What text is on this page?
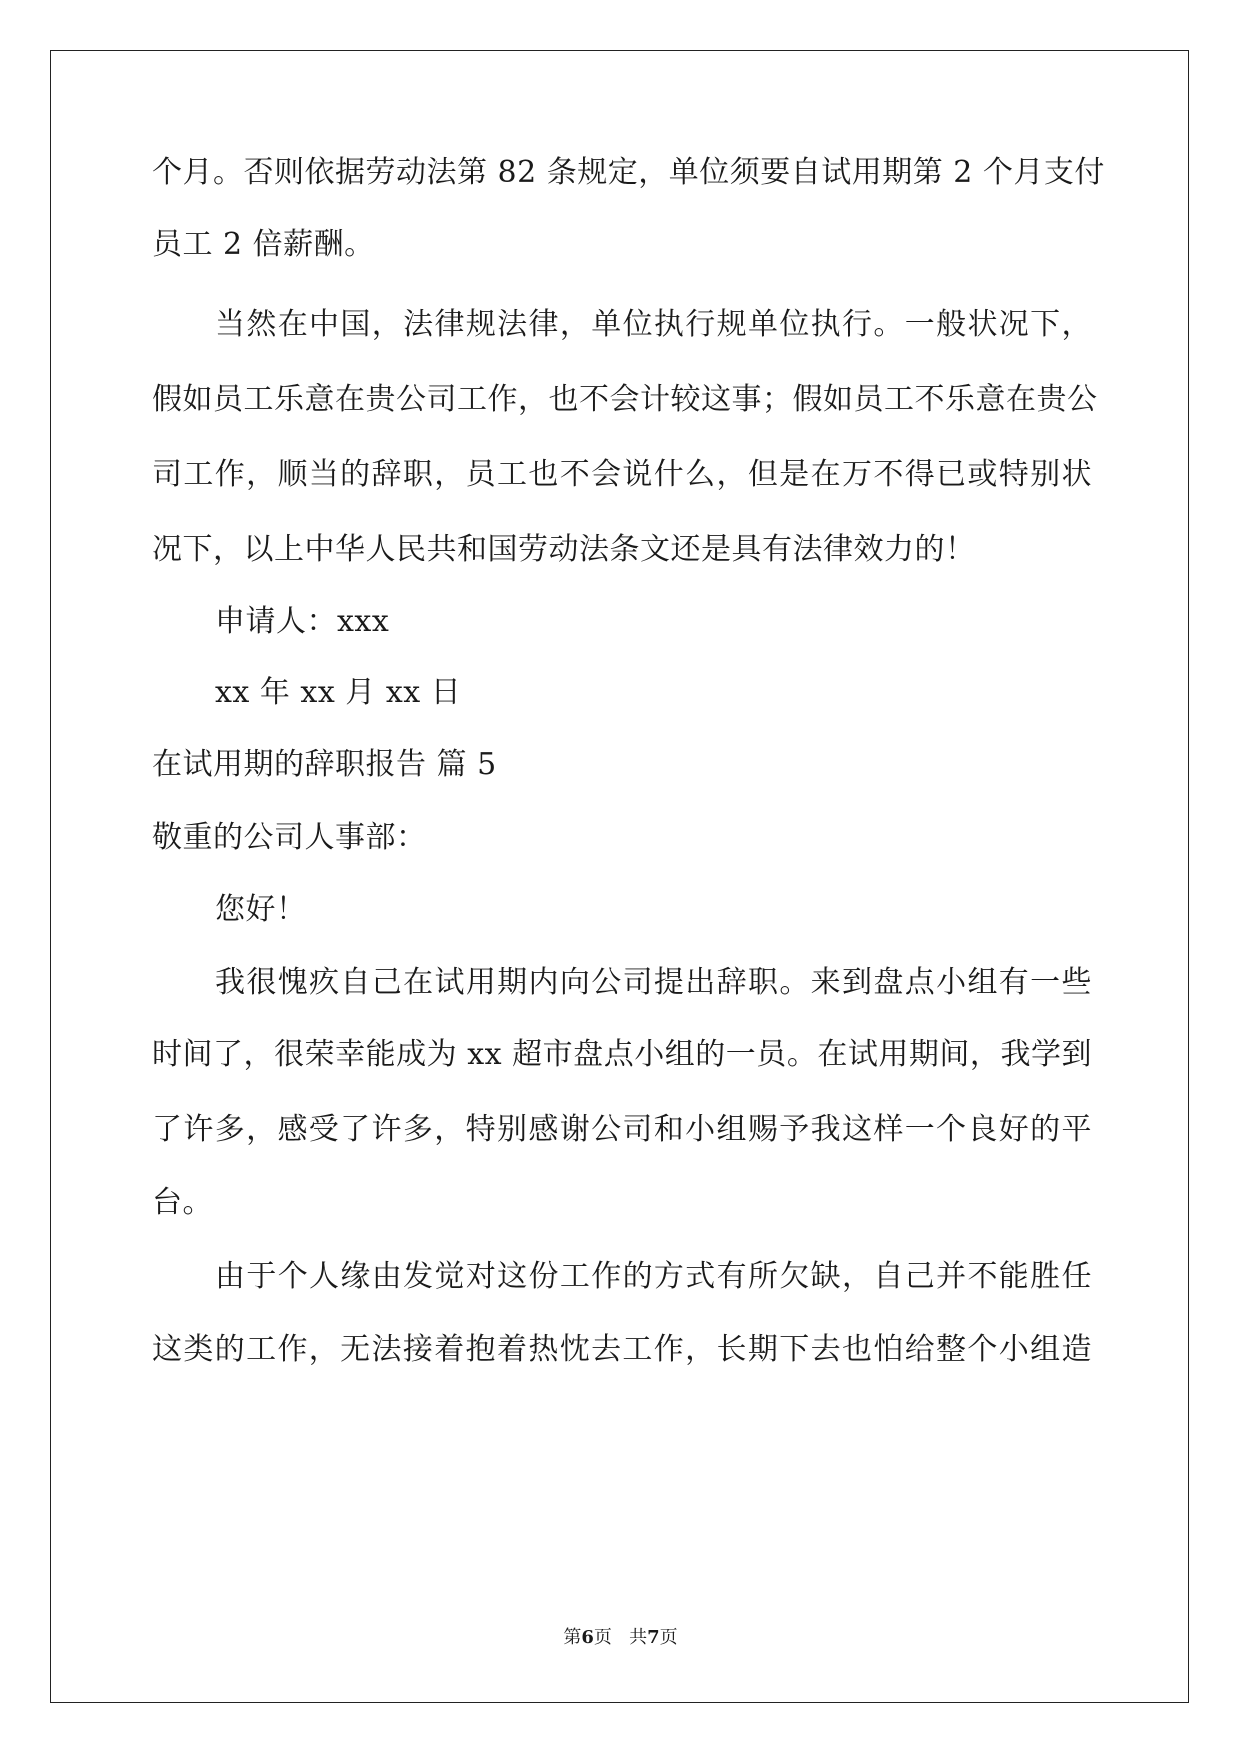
个月。否则依据劳动法第 82 条规定，单位须要自试用期第 2 个月支付
员工 2 倍薪酬。
当然在中国，法律规法律，单位执行规单位执行。一般状况下，
假如员工乐意在贵公司工作，也不会计较这事；假如员工不乐意在贵公
司工作，顺当的辞职，员工也不会说什么，但是在万不得已或特别状
况下，以上中华人民共和国劳动法条文还是具有法律效力的！
申请人：xxx
xx 年 xx 月 xx 日
在试用期的辞职报告 篇 5
敬重的公司人事部：
您好！
我很愧疚自己在试用期内向公司提出辞职。来到盘点小组有一些
时间了，很荣幸能成为 xx 超市盘点小组的一员。在试用期间，我学到
了许多，感受了许多，特别感谢公司和小组赐予我这样一个良好的平
台。
由于个人缘由发觉对这份工作的方式有所欠缺，自己并不能胜任
这类的工作，无法接着抱着热忱去工作，长期下去也怕给整个小组造
第6页 共7页
